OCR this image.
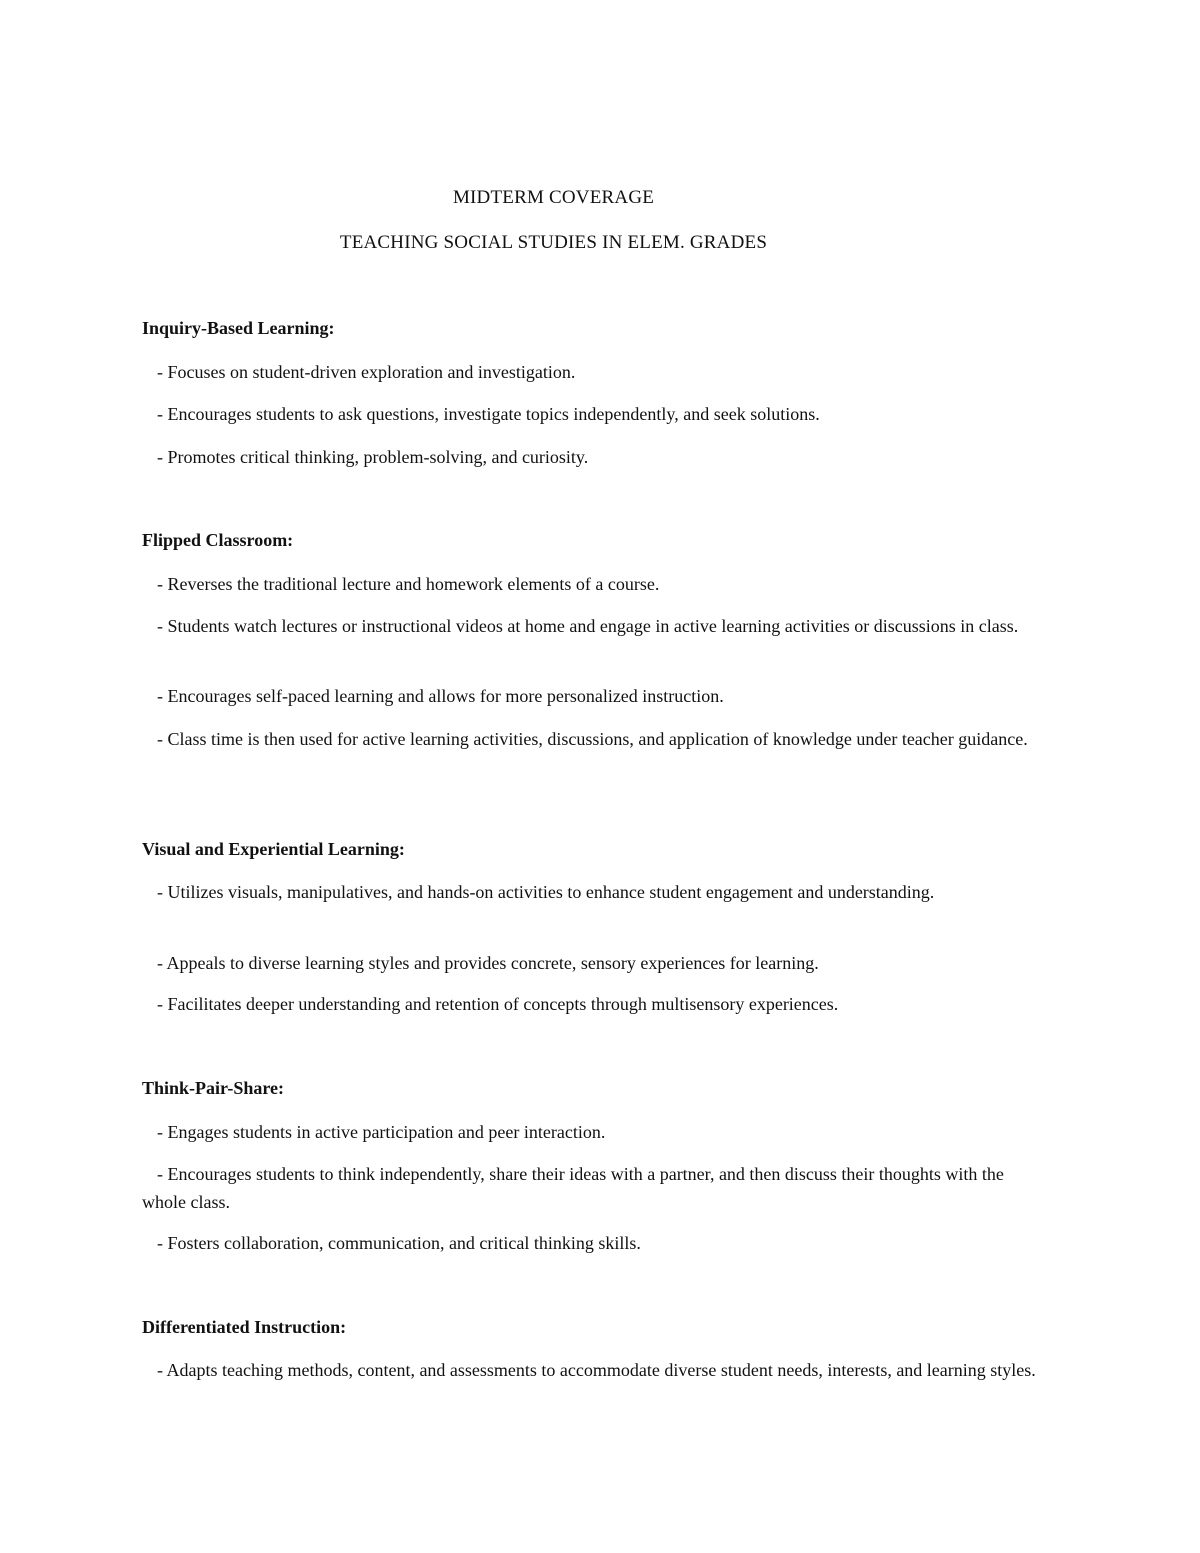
MIDTERM COVERAGE
TEACHING SOCIAL STUDIES IN ELEM. GRADES
Inquiry-Based Learning:
- Focuses on student-driven exploration and investigation.
- Encourages students to ask questions, investigate topics independently, and seek solutions.
- Promotes critical thinking, problem-solving, and curiosity.
Flipped Classroom:
- Reverses the traditional lecture and homework elements of a course.
- Students watch lectures or instructional videos at home and engage in active learning activities or discussions in class.
- Encourages self-paced learning and allows for more personalized instruction.
- Class time is then used for active learning activities, discussions, and application of knowledge under teacher guidance.
Visual and Experiential Learning:
- Utilizes visuals, manipulatives, and hands-on activities to enhance student engagement and understanding.
- Appeals to diverse learning styles and provides concrete, sensory experiences for learning.
- Facilitates deeper understanding and retention of concepts through multisensory experiences.
Think-Pair-Share:
- Engages students in active participation and peer interaction.
- Encourages students to think independently, share their ideas with a partner, and then discuss their thoughts with the whole class.
- Fosters collaboration, communication, and critical thinking skills.
Differentiated Instruction:
- Adapts teaching methods, content, and assessments to accommodate diverse student needs, interests, and learning styles.
